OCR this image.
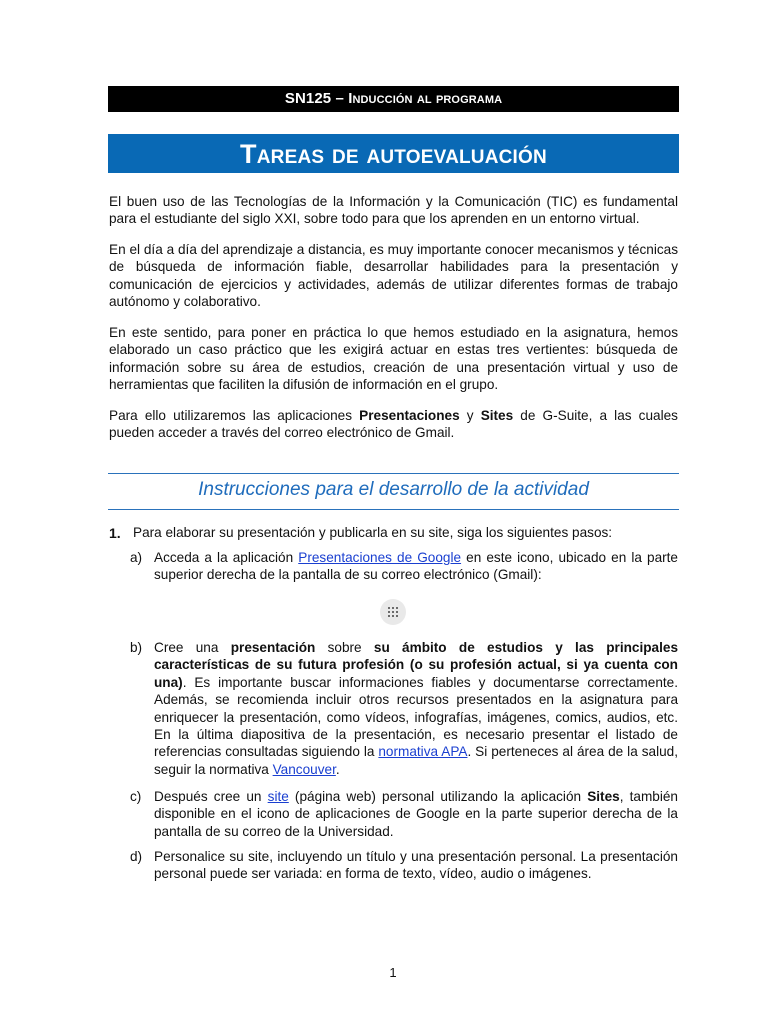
SN125 – Inducción al programa
Tareas de autoevaluación

El buen uso de las Tecnologías de la Información y la Comunicación (TIC) es fundamental para el estudiante del siglo XXI, sobre todo para que los aprenden en un entorno virtual.

En el día a día del aprendizaje a distancia, es muy importante conocer mecanismos y técnicas de búsqueda de información fiable, desarrollar habilidades para la presentación y comunicación de ejercicios y actividades, además de utilizar diferentes formas de trabajo autónomo y colaborativo.

En este sentido, para poner en práctica lo que hemos estudiado en la asignatura, hemos elaborado un caso práctico que les exigirá actuar en estas tres vertientes: búsqueda de información sobre su área de estudios, creación de una presentación virtual y uso de herramientas que faciliten la difusión de información en el grupo.

Para ello utilizaremos las aplicaciones Presentaciones y Sites de G-Suite, a las cuales pueden acceder a través del correo electrónico de Gmail.

Instrucciones para el desarrollo de la actividad
1. Para elaborar su presentación y publicarla en su site, siga los siguientes pasos:
a) Acceda a la aplicación Presentaciones de Google en este icono, ubicado en la parte superior derecha de la pantalla de su correo electrónico (Gmail):

b) Cree una presentación sobre su ámbito de estudios y las principales características de su futura profesión (o su profesión actual, si ya cuenta con una). Es importante buscar informaciones fiables y documentarse correctamente. Además, se recomienda incluir otros recursos presentados en la asignatura para enriquecer la presentación, como vídeos, infografías, imágenes, comics, audios, etc. En la última diapositiva de la presentación, es necesario presentar el listado de referencias consultadas siguiendo la normativa APA. Si perteneces al área de la salud, seguir la normativa Vancouver.

c) Después cree un site (página web) personal utilizando la aplicación Sites, también disponible en el icono de aplicaciones de Google en la parte superior derecha de la pantalla de su correo de la Universidad.

d) Personalice su site, incluyendo un título y una presentación personal. La presentación personal puede ser variada: en forma de texto, vídeo, audio o imágenes.

1
